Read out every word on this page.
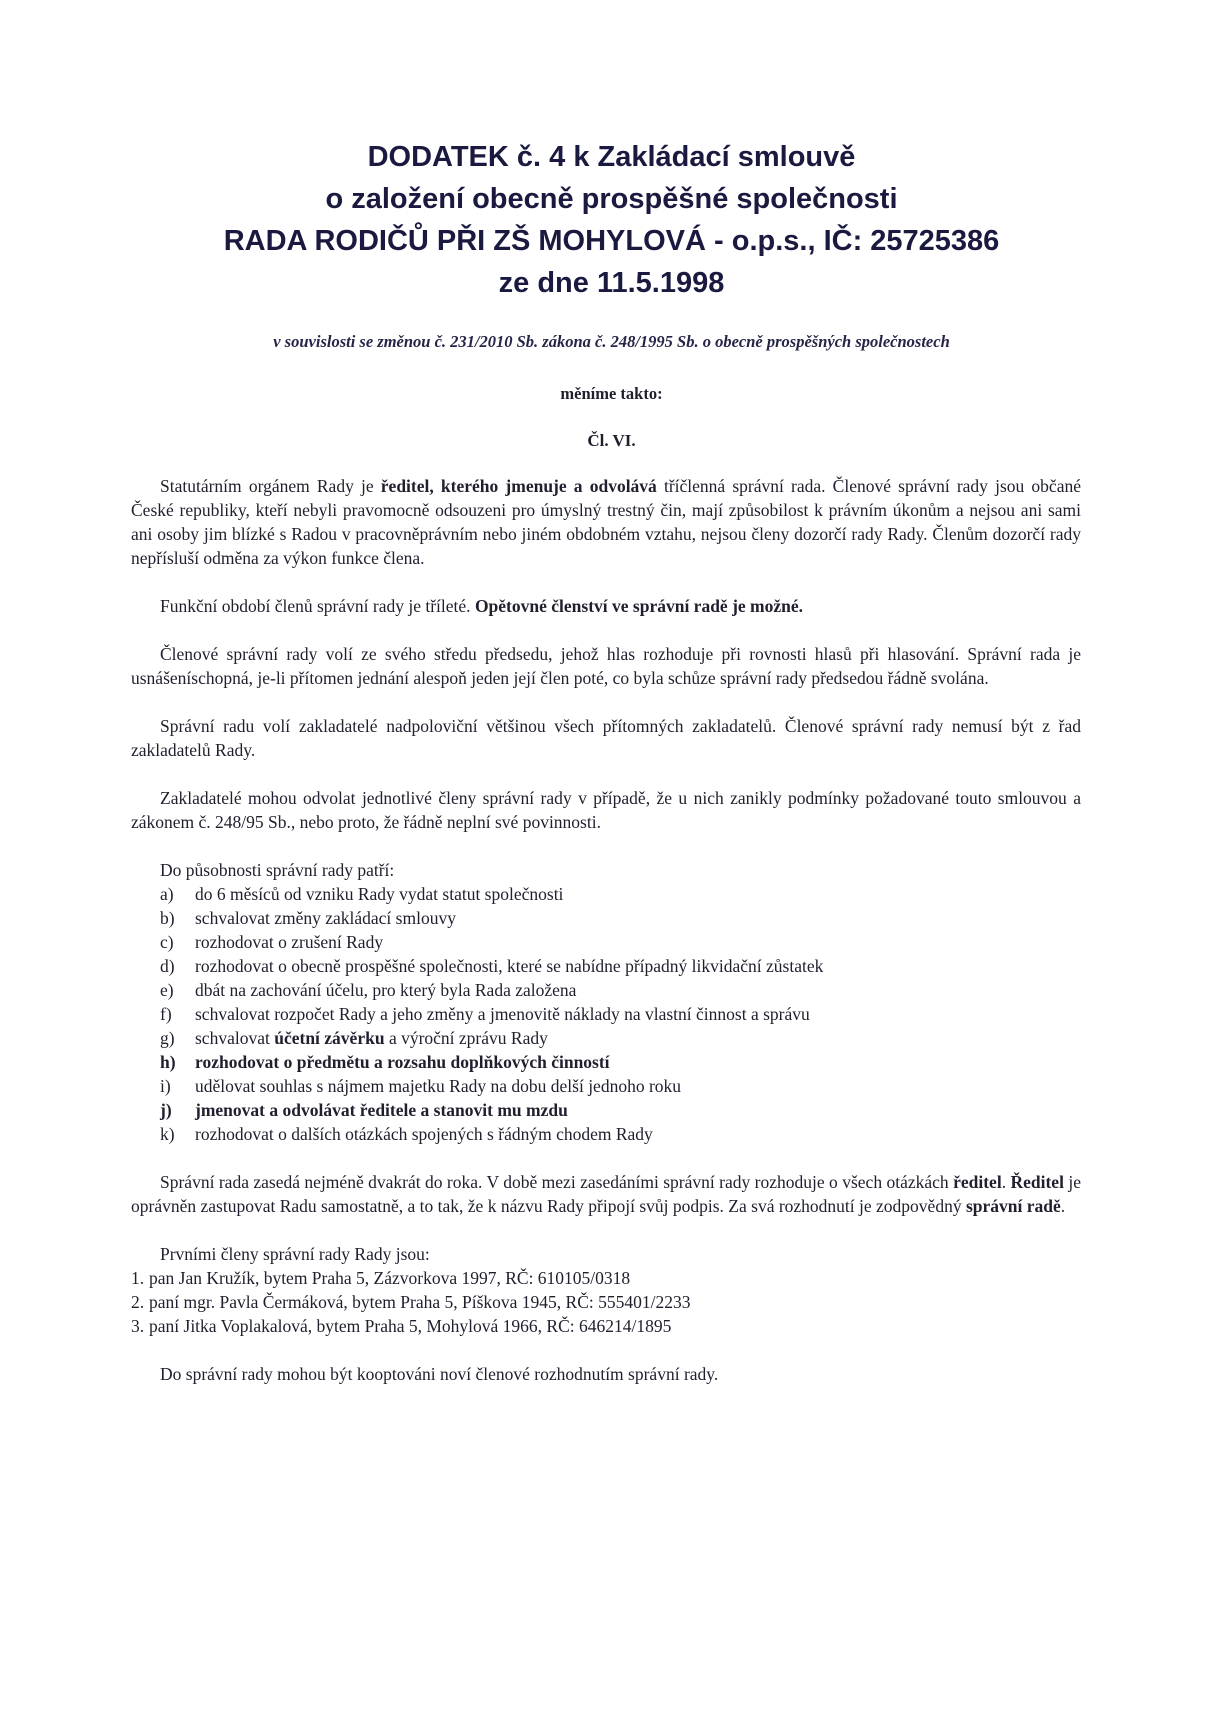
DODATEK č. 4 k Zakládací smlouvě
o založení obecně prospěšné společnosti
RADA RODIČŮ PŘI ZŠ MOHYLOVÁ - o.p.s., IČ: 25725386
ze dne 11.5.1998
v souvislosti se změnou č. 231/2010 Sb. zákona č. 248/1995 Sb. o obecně prospěšných společnostech
měníme takto:
Čl. VI.

Statutárním orgánem Rady je ředitel, kterého jmenuje a odvolává tříčlenná správní rada. Členové správní rady jsou občané České republiky, kteří nebyli pravomocně odsouzeni pro úmyslný trestný čin, mají způsobilost k právním úkonům a nejsou ani sami ani osoby jim blízké s Radou v pracovněprávním nebo jiném obdobném vztahu, nejsou členy dozorčí rady Rady. Členům dozorčí rady nepřísluší odměna za výkon funkce člena.

Funkční období členů správní rady je tříleté. Opětovné členství ve správní radě je možné.

Členové správní rady volí ze svého středu předsedu, jehož hlas rozhoduje při rovnosti hlasů při hlasování. Správní rada je usnášeníschopná, je-li přítomen jednání alespoň jeden její člen poté, co byla schůze správní rady předsedou řádně svolána.

Správní radu volí zakladatelé nadpoloviční většinou všech přítomných zakladatelů. Členové správní rady nemusí být z řad zakladatelů Rady.

Zakladatelé mohou odvolat jednotlivé členy správní rady v případě, že u nich zanikly podmínky požadované touto smlouvou a zákonem č. 248/95 Sb., nebo proto, že řádně neplní své povinnosti.

Do působnosti správní rady patří:

a)	do 6 měsíců od vzniku Rady vydat statut společnosti
b)	schvalovat změny zakládací smlouvy
c)	rozhodovat o zrušení Rady
d)	rozhodovat o obecně prospěšné společnosti, které se nabídne případný likvidační zůstatek
e)	dbát na zachování účelu, pro který byla Rada založena
f)	schvalovat rozpočet Rady a jeho změny a jmenovitě náklady na vlastní činnost a správu
g)	schvalovat účetní závěrku a výroční zprávu Rady
h)	rozhodovat o předmětu a rozsahu doplňkových činností
i)	udělovat souhlas s nájmem majetku Rady na dobu delší jednoho roku
j)	jmenovat a odvolávat ředitele a stanovit mu mzdu
k)	rozhodovat o dalších otázkách spojených s řádným chodem Rady

Správní rada zasedá nejméně dvakrát do roka. V době mezi zasedáními správní rady rozhoduje o všech otázkách ředitel. Ředitel je oprávněn zastupovat Radu samostatně, a to tak, že k názvu Rady připojí svůj podpis. Za svá rozhodnutí je zodpovědný správní radě.

Prvními členy správní rady Rady jsou:

1. pan Jan Kružík, bytem Praha 5, Zázvorkova 1997, RČ: 610105/0318
2. paní mgr. Pavla Čermáková, bytem Praha 5, Píškova 1945, RČ: 555401/2233
3. paní Jitka Voplakalová, bytem Praha 5, Mohylová 1966, RČ: 646214/1895

Do správní rady mohou být kooptováni noví členové rozhodnutím správní rady.
